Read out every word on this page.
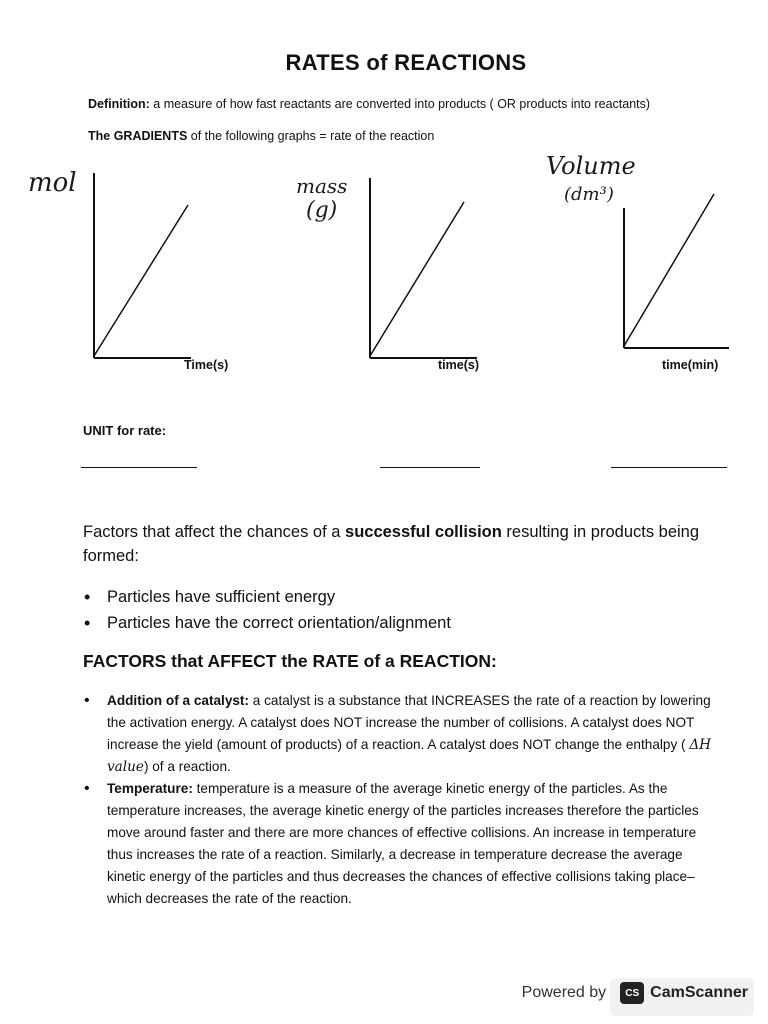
RATES of REACTIONS
Definition: a measure of how fast reactants are converted into products ( OR products into reactants)
The GRADIENTS of the following graphs = rate of the reaction
mol
Time(s)
mass
(g)
time(s)
Volume
(dm³)
time(min)
UNIT for rate:
Factors that affect the chances of a successful collision resulting in products being formed:
• Particles have sufficient energy
• Particles have the correct orientation/alignment
FACTORS that AFFECT the RATE of a REACTION:
• Addition of a catalyst: a catalyst is a substance that INCREASES the rate of a reaction by lowering the activation energy. A catalyst does NOT increase the number of collisions. A catalyst does NOT increase the yield (amount of products) of a reaction. A catalyst does NOT change the enthalpy ( ΔH value) of a reaction.
• Temperature: temperature is a measure of the average kinetic energy of the particles. As the temperature increases, the average kinetic energy of the particles increases therefore the particles move around faster and there are more chances of effective collisions. An increase in temperature thus increases the rate of a reaction. Similarly, a decrease in temperature decrease the average kinetic energy of the particles and thus decreases the chances of effective collisions taking place– which decreases the rate of the reaction.
Powered by	CS CamScanner
